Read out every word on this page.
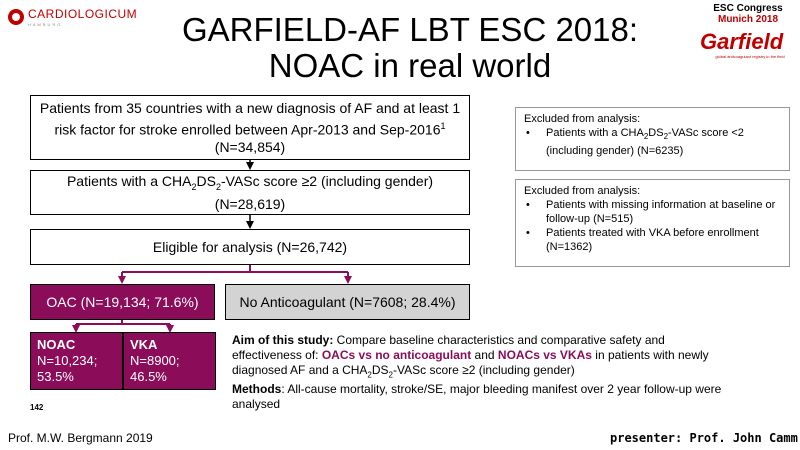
CARDIOLOGICUM
HAMBURG	GARFIELD-AF LBT ESC 2018:
NOAC in real world
ESC Congress
Munich 2018
Garfield
global anticoagulant registry in the field
Patients from 35 countries with a new diagnosis of AF and at least 1 risk factor for stroke enrolled between Apr-2013 and Sep-2016$^1$ (N=34,854)
Patients with a $CHA_2DS_2$-VASc score ≥2 (including gender)
(N=28,619)
Eligible for analysis (N=26,742)
OAC (N=19,134; 71.6%)	No Anticoagulant (N=7608; 28.4%)
NOAC
N=10,234;
53.5%
VKA
N=8900;
46.5%
Excluded from analysis:
• Patients with a $CHA_2DS_2$-VASc score <2 (including gender) (N=6235)
Excluded from analysis:
• Patients with missing information at baseline or follow-up (N=515)
• Patients treated with VKA before enrollment (N=1362)
Aim of this study: Compare baseline characteristics and comparative safety and effectiveness of: OACs vs no anticoagulant and NOACs vs VKAs in patients with newly diagnosed AF and a $CHA_2DS_2$-VASc score ≥2 (including gender)
Methods: All-cause mortality, stroke/SE, major bleeding manifest over 2 year follow-up were analysed
142
Prof. M.W. Bergmann 2019	presenter: Prof. John Camm
